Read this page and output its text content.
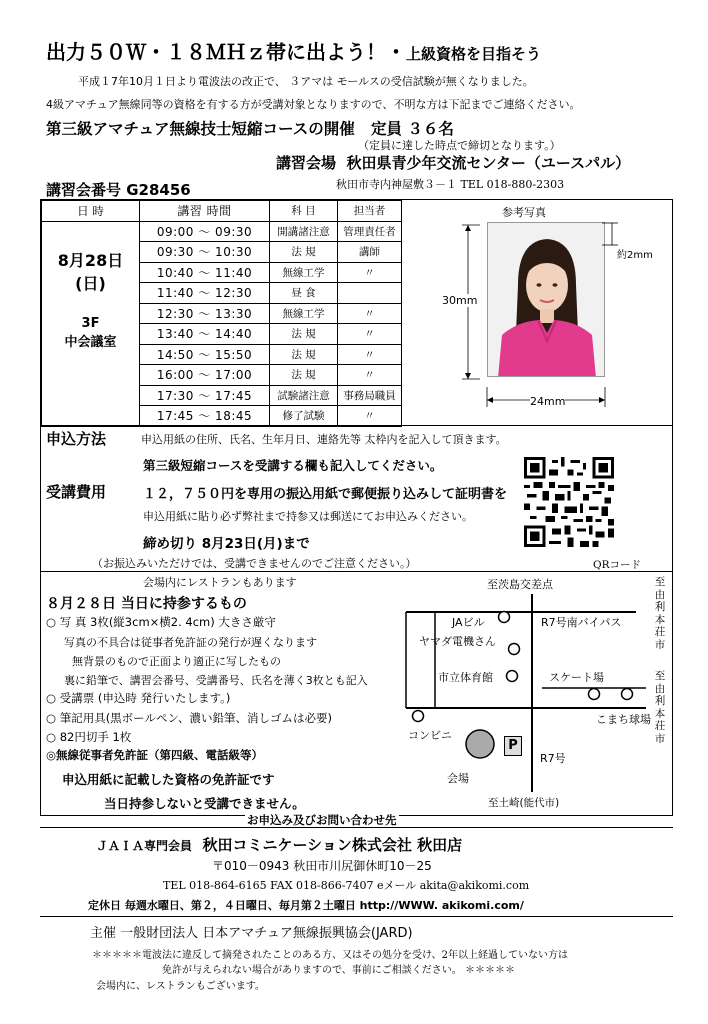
出力５０Ｗ・１８ＭＨｚ帯に出よう！・上級資格を目指そう
平成１7年10月１日より電波法の改正で、 ３アマは モールスの受信試験が無くなりました。
4級アマチュア無線同等の資格を有する方が受講対象となりますので、不明な方は下記までご連絡ください。
第三級アマチュア無線技士短縮コースの開催 定員 ３６名
（定員に達した時点で締切となります。）
講習会場 秋田県青少年交流センター（ユースパル）
秋田市寺内神屋敷３－１ TEL 018-880-2303
講習会番号 G28456
日 時	講習 時間	科 目	担当者

8月28日
(日)
3F
中会議室	09:00 ～ 09:30	開講諸注意	管理責任者
	09:30 ～ 10:30	法 規	講師
	10:40 ～ 11:40	無線工学	〃
	11:40 ～ 12:30	昼 食	
	12:30 ～ 13:30	無線工学	〃
	13:40 ～ 14:40	法 規	〃
	14:50 ～ 15:50	法 規	〃
	16:00 ～ 17:00	法 規	〃
	17:30 ～ 17:45	試験諸注意	事務局職員
	17:45 ～ 18:45	修了試験	〃
参考写真
30mm
24mm
約2mm
申込方法	申込用紙の住所、氏名、生年月日、連絡先等 太枠内を記入して頂きます。
第三級短縮コースを受講する欄も記入してください。
受講費用	１２，７５０円を専用の振込用紙で郵便振り込みして証明書を
申込用紙に貼り必ず弊社まで持参又は郵送にてお申込みください。
締め切り 8月23日(月)まで
（お振込みいただけでは、受講できませんのでご注意ください。）	QRコード
会場内にレストランもあります
８月２８日 当日に持参するもの
○ 写 真 3枚(縦3cm×横2. 4cm) 大きさ厳守
写真の不具合は従事者免許証の発行が遅くなります
無背景のもので正面より適正に写したもの
裏に鉛筆で、講習会番号、受講番号、氏名を薄く3枚とも記入
○ 受講票 (申込時 発行いたします。)
○ 筆記用具(黒ボールペン、濃い鉛筆、消しゴムは必要)
○ 82円切手 1枚
◎無線従事者免許証（第四級、電話級等）
申込用紙に記載した資格の免許証です
当日持参しないと受講できません。
至茨島交差点
JAビル	R7号南バイパス
ヤマダ電機さん
市立体育館	スケート場
こまち球場
コンビニ
P
R7号
会場
至土崎(能代市)
至由利本荘市
至由利本荘市
お申込み及びお問い合わせ先
ＪＡＩＡ専門会員 秋田コミニケーション株式会社 秋田店
〒010－0943 秋田市川尻御休町10－25
TEL 018-864-6165 FAX 018-866-7407 eメール akita@akikomi.com
定休日 毎週水曜日、第２，４日曜日、毎月第２土曜日 http://WWW. akikomi.com/
主催 一般財団法人 日本アマチュア無線振興協会(JARD)
＊＊＊＊＊電波法に違反して摘発されたことのある方、又はその処分を受け、2年以上経過していない方は
免許が与えられない場合がありますので、事前にご相談ください。 ＊＊＊＊＊
会場内に、レストランもございます。
